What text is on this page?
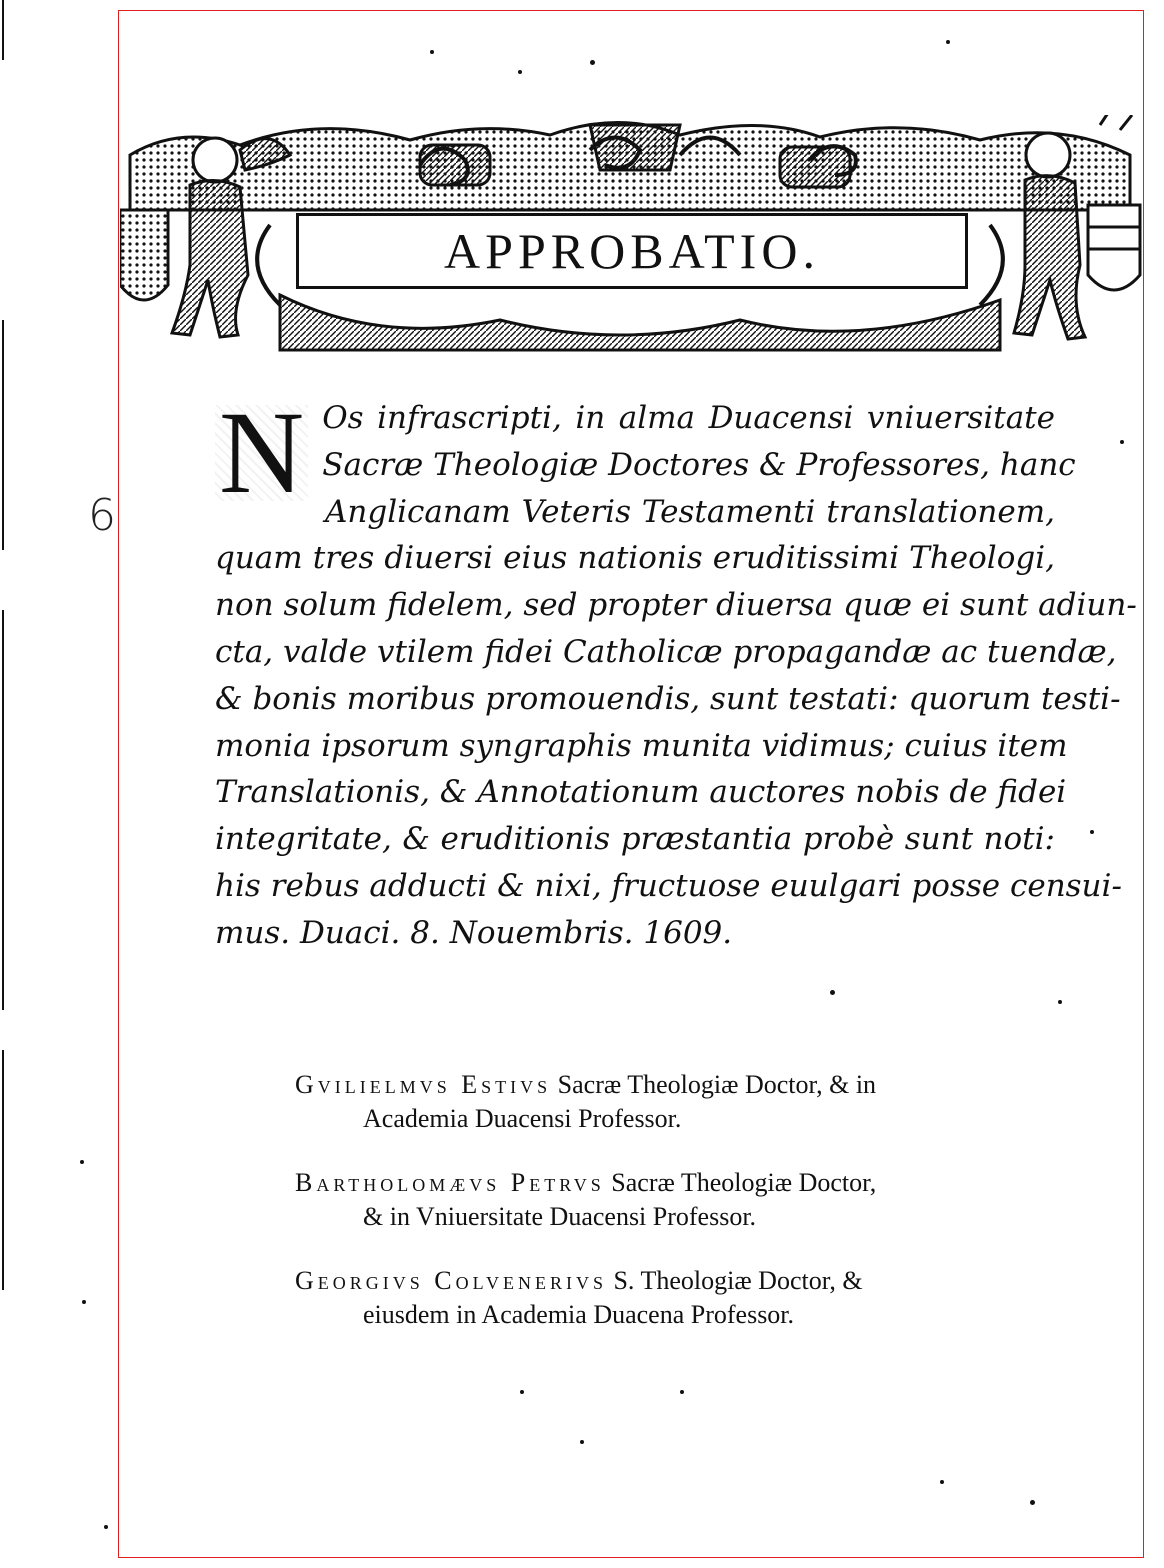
6
APPROBATIO.
N Os infrascripti, in alma Duacensi vniuersitate
Sacræ Theologiæ Doctores & Professores, hanc
Anglicanam Veteris Testamenti translationem,
quam tres diuersi eius nationis eruditissimi Theologi,
non solum fidelem, sed propter diuersa quæ ei sunt adiun-
cta, valde vtilem fidei Catholicæ propagandæ ac tuendæ,
& bonis moribus promouendis, sunt testati: quorum testi-
monia ipsorum syngraphis munita vidimus; cuius item
Translationis, & Annotationum auctores nobis de fidei
integritate, & eruditionis præstantia probè sunt noti:
his rebus adducti & nixi, fructuose euulgari posse censui-
mus. Duaci. 8. Nouembris. 1609.
Gvilielmvs Estivs Sacræ Theologiæ Doctor, & in
Academia Duacensi Professor.
Bartholomævs Petrvs Sacræ Theologiæ Doctor,
& in Vniuersitate Duacensi Professor.
Georgivs Colvenerivs S. Theologiæ Doctor, &
eiusdem in Academia Duacena Professor.
